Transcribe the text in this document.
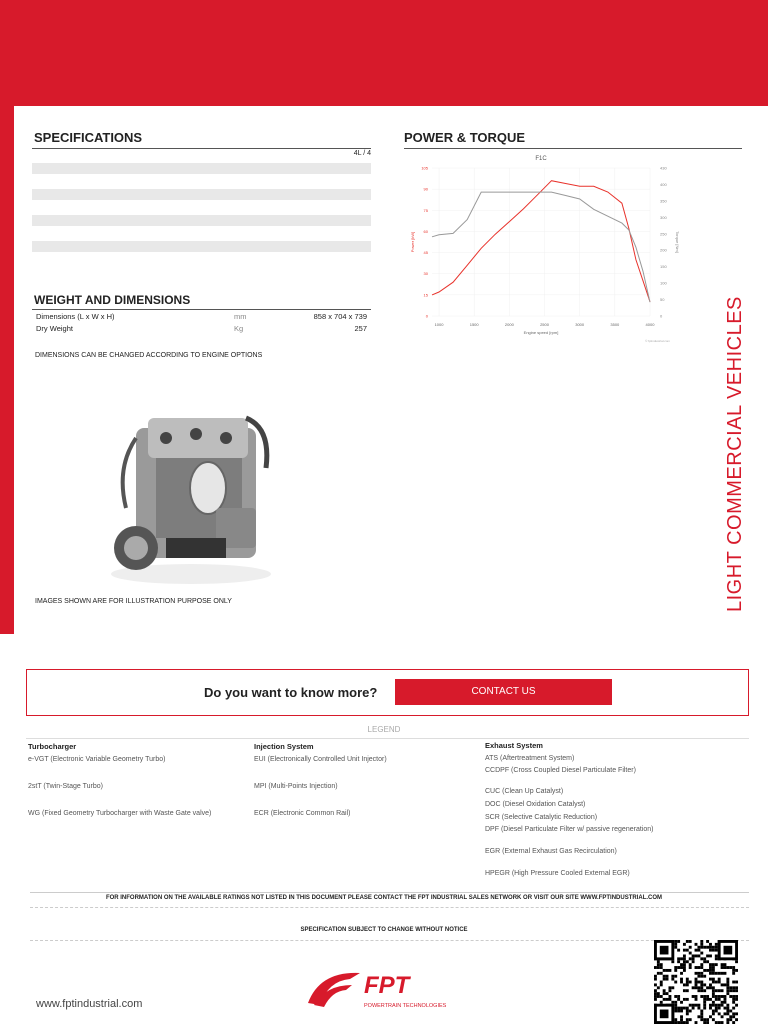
SPECIFICATIONS
4L / 4
POWER & TORQUE
0
15
30
45
60
75
90
105
0
50
100
150
200
250
300
350
400
430
1000	1500	2000	2500	3000	3500	4000
F1C
Engine speed [rpm]
Power [kW]	Torque [Nm]
© fptindustrial.com
WEIGHT AND DIMENSIONS
Dimensions (L x W x H)	mm	858 x 704 x 739
Dry Weight	Kg	257
DIMENSIONS CAN BE CHANGED ACCORDING TO ENGINE OPTIONS
IMAGES SHOWN ARE FOR ILLUSTRATION PURPOSE ONLY	LIGHT COMMERCIAL VEHICLES
Do you want to know more?	CONTACT US
LEGEND
Turbocharger
e-VGT (Electronic Variable Geometry Turbo)
2stT (Twin-Stage Turbo)
WG (Fixed Geometry Turbocharger with Waste Gate valve)
Injection System
EUI (Electronically Controlled Unit Injector)
MPI (Multi-Points Injection)
ECR (Electronic Common Rail)
Exhaust System
ATS (Aftertreatment System)
CCDPF (Cross Coupled Diesel Particulate Filter)
CUC (Clean Up Catalyst)
DOC (Diesel Oxidation Catalyst)
SCR (Selective Catalytic Reduction)
DPF (Diesel Particulate Filter w/ passive regeneration)
EGR (External Exhaust Gas Recirculation)
HPEGR (High Pressure Cooled External EGR)
FOR INFORMATION ON THE AVAILABLE RATINGS NOT LISTED IN THIS DOCUMENT PLEASE CONTACT THE FPT INDUSTRIAL SALES NETWORK OR VISIT OUR SITE WWW.FPTINDUSTRIAL.COM
SPECIFICATION SUBJECT TO CHANGE WITHOUT NOTICE
www.fptindustrial.com
FPT
POWERTRAIN TECHNOLOGIES
